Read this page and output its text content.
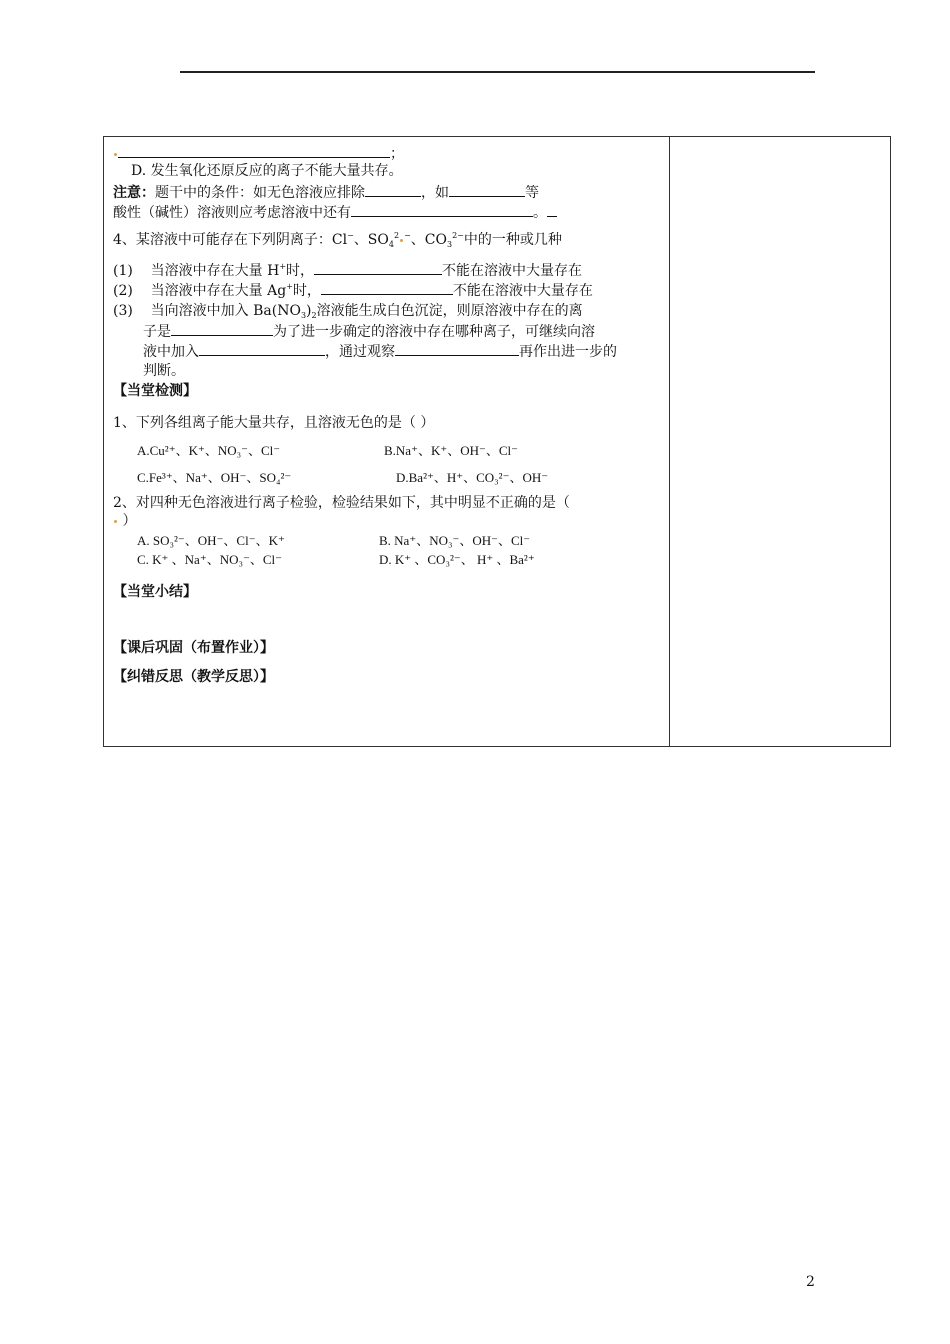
；
D. 发生氧化还原反应的离子不能大量共存。
注意：题干中的条件：如无色溶液应排除	，如	等
酸性（碱性）溶液则应考虑溶液中还有	。
4、某溶液中可能存在下列阴离子：Cl−、$SO_4^2$ −、$CO_3^{2-}$中的一种或几种
(1) 当溶液中存在大量 H+时，	不能在溶液中大量存在
(2) 当溶液中存在大量 Ag+时，	不能在溶液中大量存在
(3) 当向溶液中加入 $Ba(NO_3)_2$溶液能生成白色沉淀，则原溶液中存在的离
子是	为了进一步确定的溶液中存在哪种离子，可继续向溶
液中加入	，通过观察	再作出进一步的
判断。
【当堂检测】
1、下列各组离子能大量共存，且溶液无色的是（ ）
A.Cu²⁺、K⁺、NO₃⁻、Cl⁻	B.Na⁺、K⁺、OH⁻、Cl⁻
C.Fe³⁺、Na⁺、OH⁻、SO₄²⁻	D.Ba²⁺、H⁺、CO₃²⁻、OH⁻
2、对四种无色溶液进行离子检验，检验结果如下，其中明显不正确的是（
）
A. SO₃²⁻、OH⁻、Cl⁻、K⁺	B. Na⁺、NO₃⁻、OH⁻、Cl⁻
C. K⁺ 、Na⁺、NO₃⁻、Cl⁻	D. K⁺ 、CO₃²⁻、 H⁺ 、Ba²⁺
【当堂小结】
【课后巩固（布置作业）】
【纠错反思（教学反思）】
2
